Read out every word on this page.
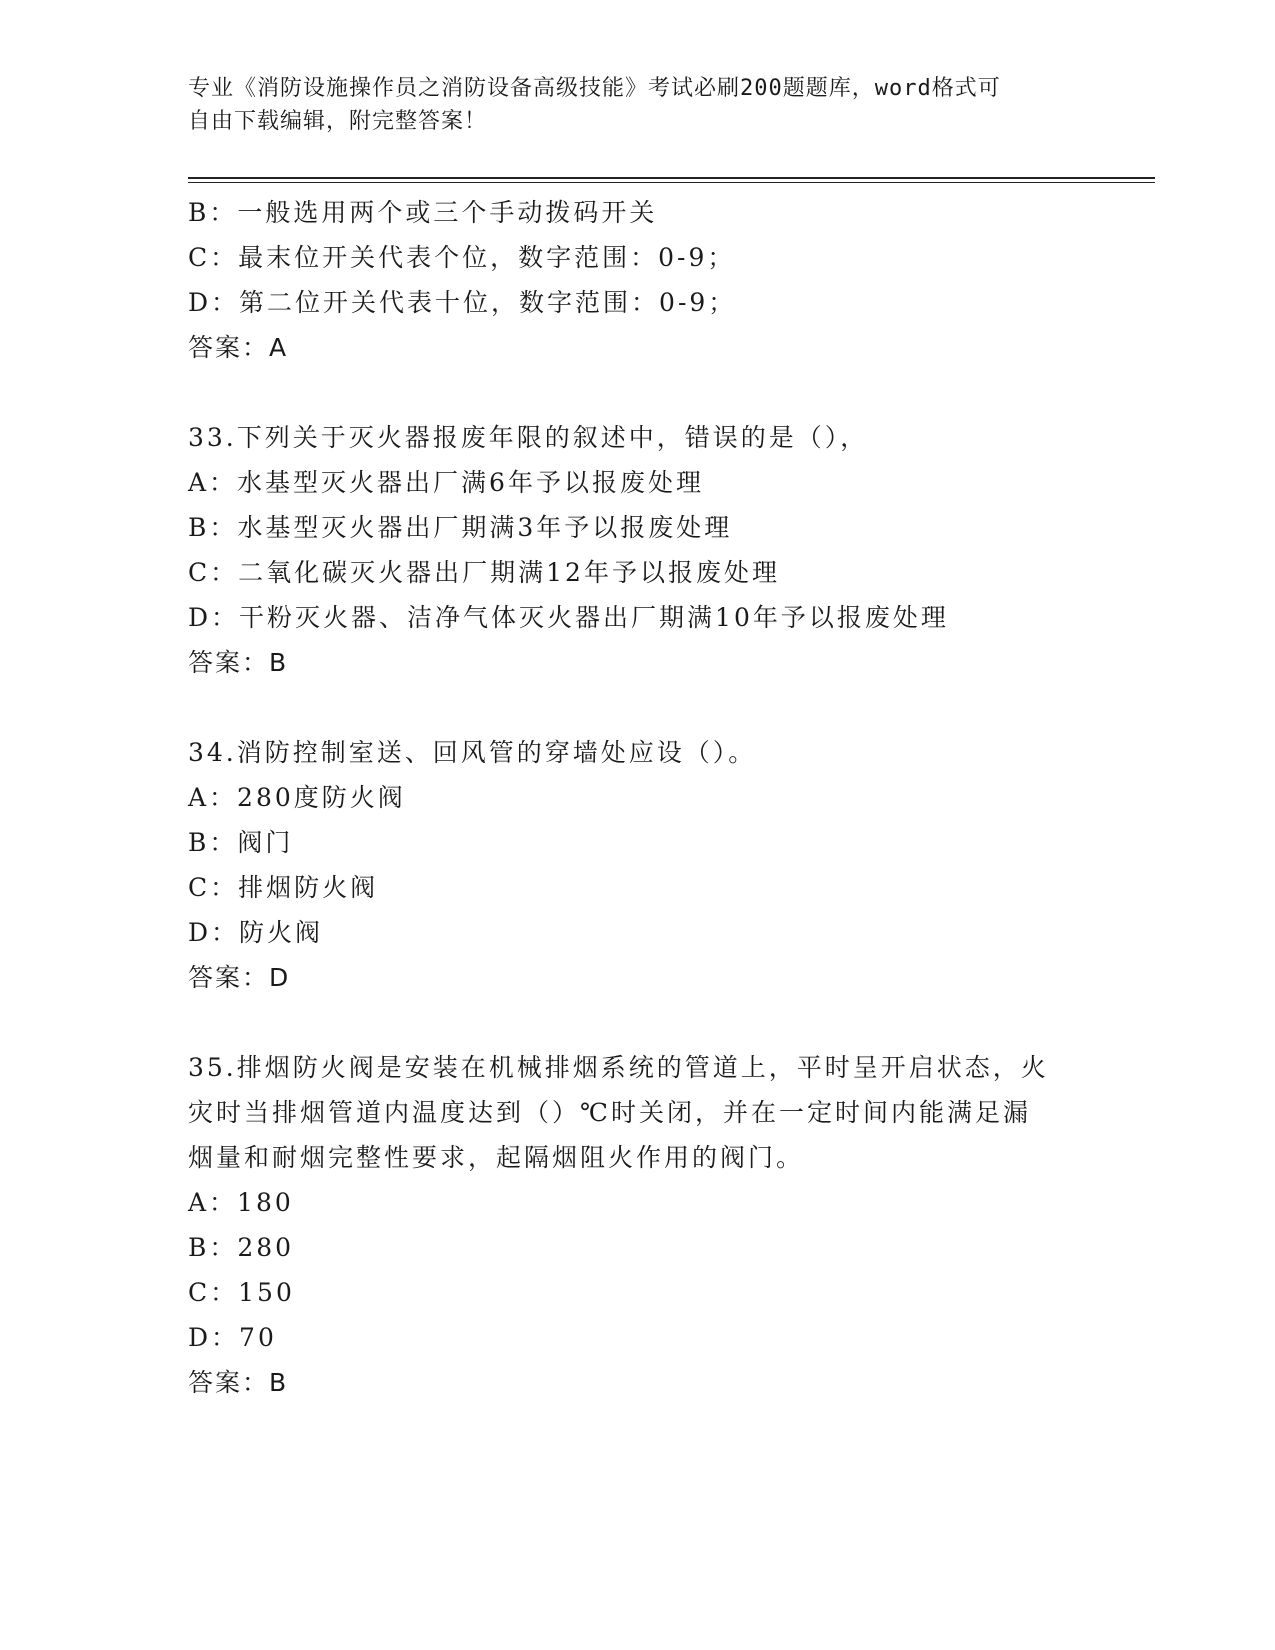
专业《消防设施操作员之消防设备高级技能》考试必刷200题题库，word格式可
自由下载编辑，附完整答案！
B：一般选用两个或三个手动拨码开关
C：最末位开关代表个位，数字范围：0-9；
D：第二位开关代表十位，数字范围：0-9；
答案：A
33.下列关于灭火器报废年限的叙述中，错误的是（），
A：水基型灭火器出厂满6年予以报废处理
B：水基型灭火器出厂期满3年予以报废处理
C：二氧化碳灭火器出厂期满12年予以报废处理
D：干粉灭火器、洁净气体灭火器出厂期满10年予以报废处理
答案：B
34.消防控制室送、回风管的穿墙处应设（）。
A：280度防火阀
B：阀门
C：排烟防火阀
D：防火阀
答案：D
35.排烟防火阀是安装在机械排烟系统的管道上，平时呈开启状态，火
灾时当排烟管道内温度达到（）℃时关闭，并在一定时间内能满足漏
烟量和耐烟完整性要求，起隔烟阻火作用的阀门。
A：180
B：280
C：150
D：70
答案：B
